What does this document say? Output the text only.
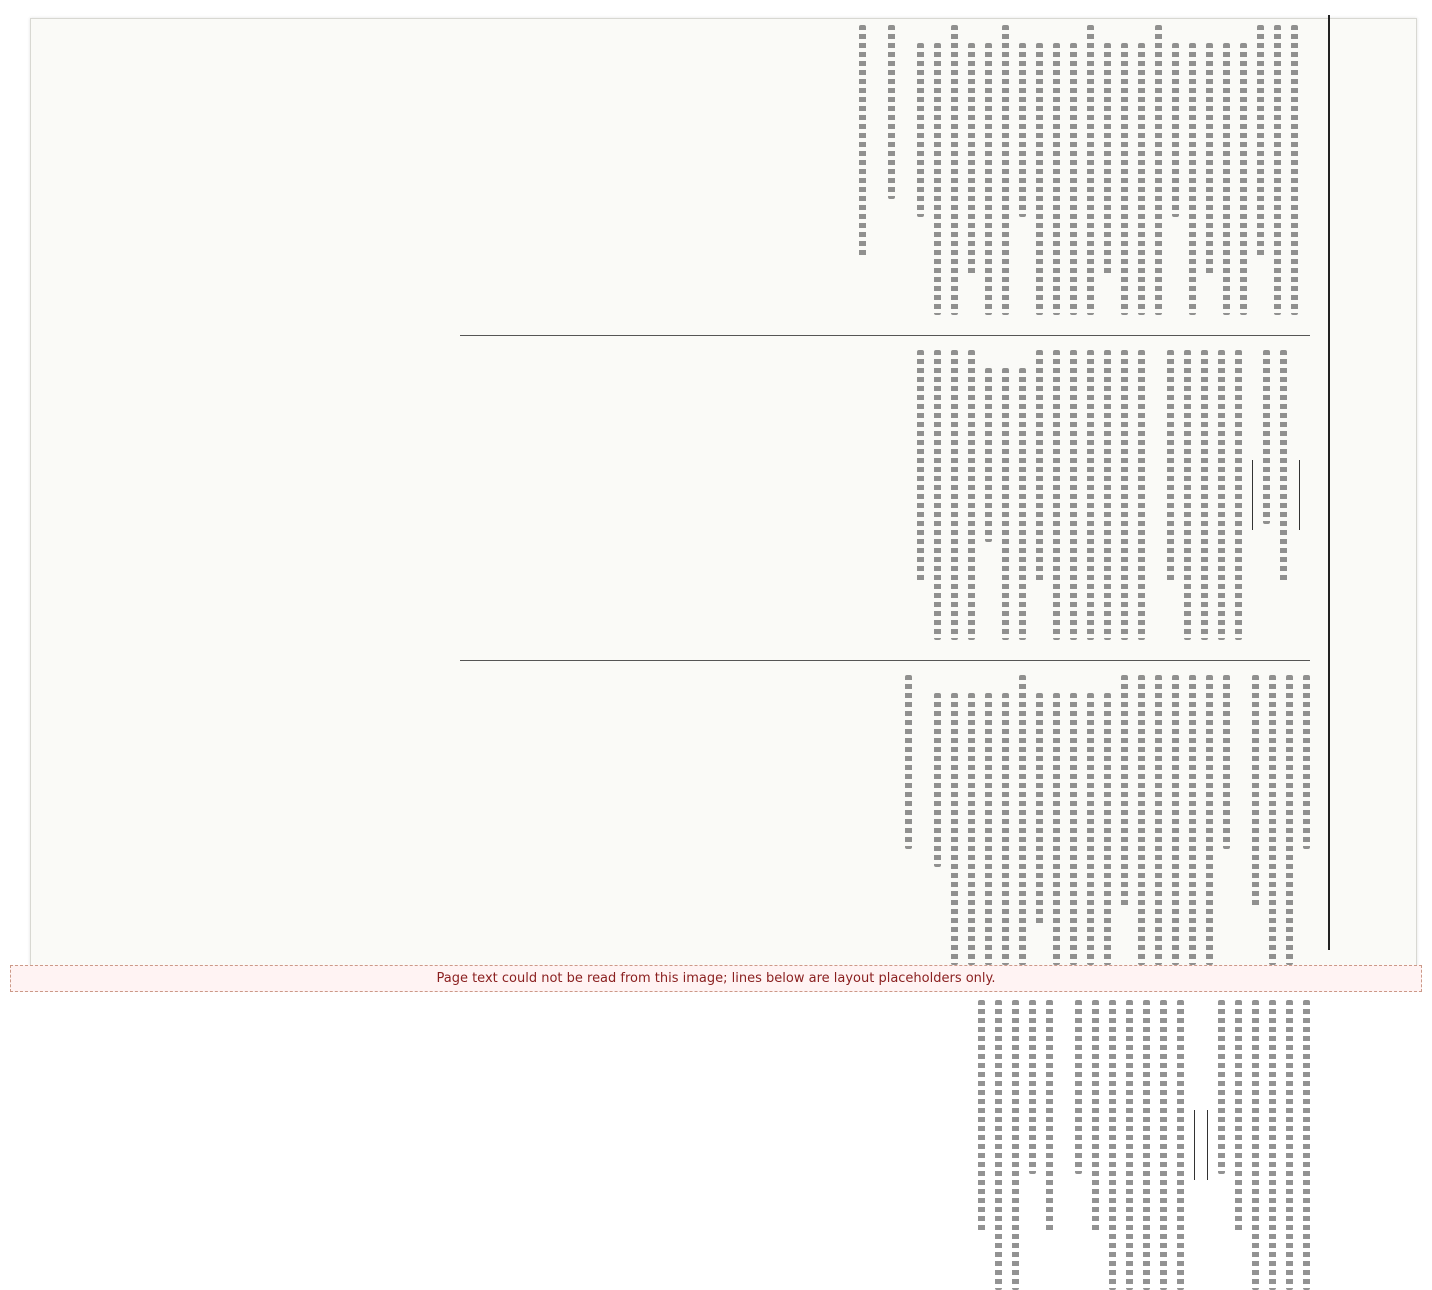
Page text could not be read from this image; lines below are layout placeholders only.
